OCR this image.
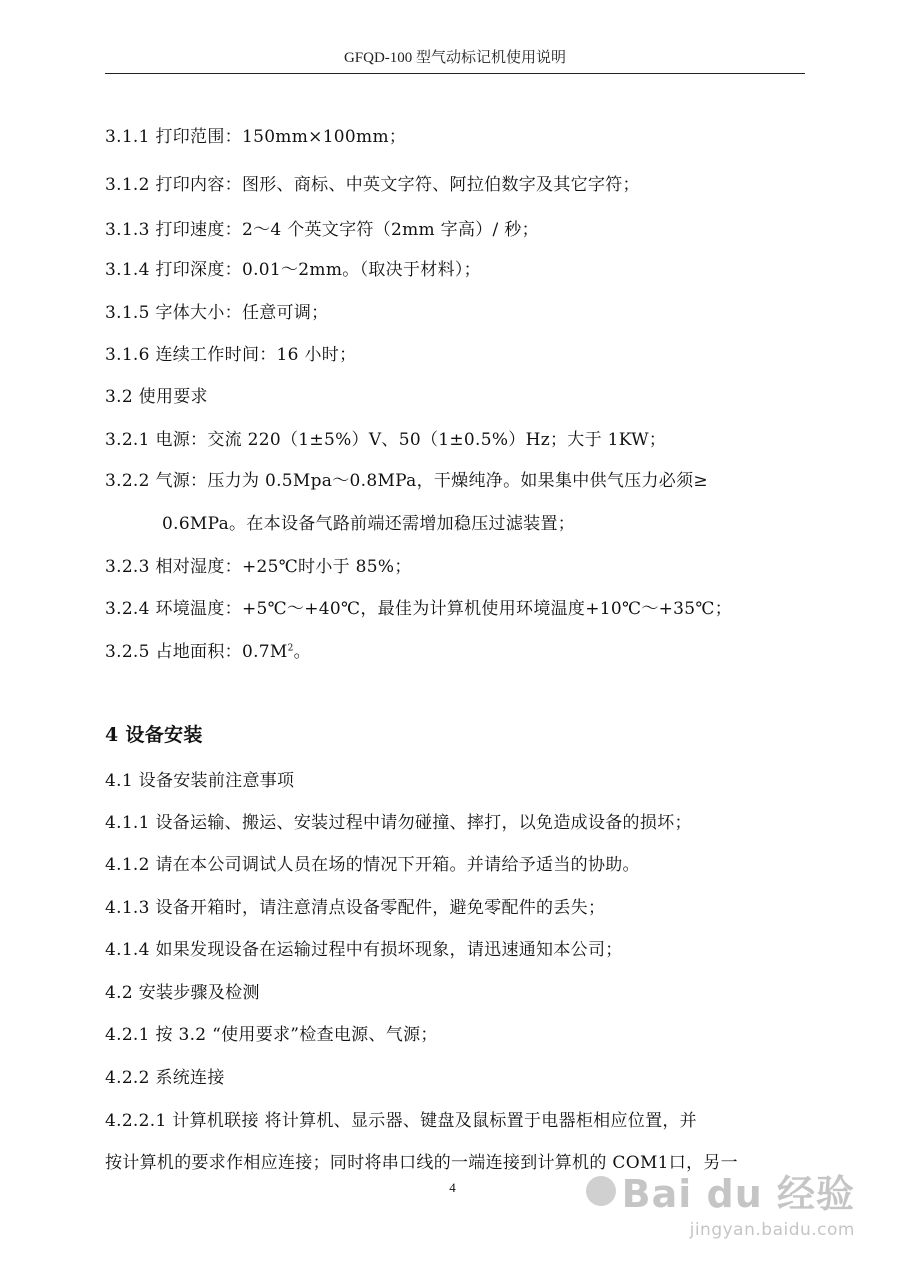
GFQD-100 型气动标记机使用说明
3.1.1 打印范围：150mm×100mm；
3.1.2 打印内容：图形、商标、中英文字符、阿拉伯数字及其它字符；
3.1.3 打印速度：2～4 个英文字符（2mm 字高）/ 秒；
3.1.4 打印深度：0.01～2mm。（取决于材料）；
3.1.5 字体大小：任意可调；
3.1.6 连续工作时间：16 小时；
3.2 使用要求
3.2.1 电源：交流 220（1±5%）V、50（1±0.5%）Hz；大于 1KW；
3.2.2 气源：压力为 0.5Mpa～0.8MPa，干燥纯净。如果集中供气压力必须≥
0.6MPa。在本设备气路前端还需增加稳压过滤装置；
3.2.3 相对湿度：+25℃时小于 85%；
3.2.4 环境温度：+5℃～+40℃，最佳为计算机使用环境温度+10℃～+35℃；
3.2.5 占地面积：$0.7M^2$。
4 设备安装
4.1 设备安装前注意事项
4.1.1 设备运输、搬运、安装过程中请勿碰撞、摔打，以免造成设备的损坏；
4.1.2 请在本公司调试人员在场的情况下开箱。并请给予适当的协助。
4.1.3 设备开箱时，请注意清点设备零配件，避免零配件的丢失；
4.1.4 如果发现设备在运输过程中有损坏现象，请迅速通知本公司；
4.2 安装步骤及检测
4.2.1 按 3.2 “使用要求”检查电源、气源；
4.2.2 系统连接
4.2.2.1 计算机联接 将计算机、显示器、键盘及鼠标置于电器柜相应位置，并
按计算机的要求作相应连接；同时将串口线的一端连接到计算机的 COM1口，另一
4	Bai du 经验
jingyan.baidu.com
